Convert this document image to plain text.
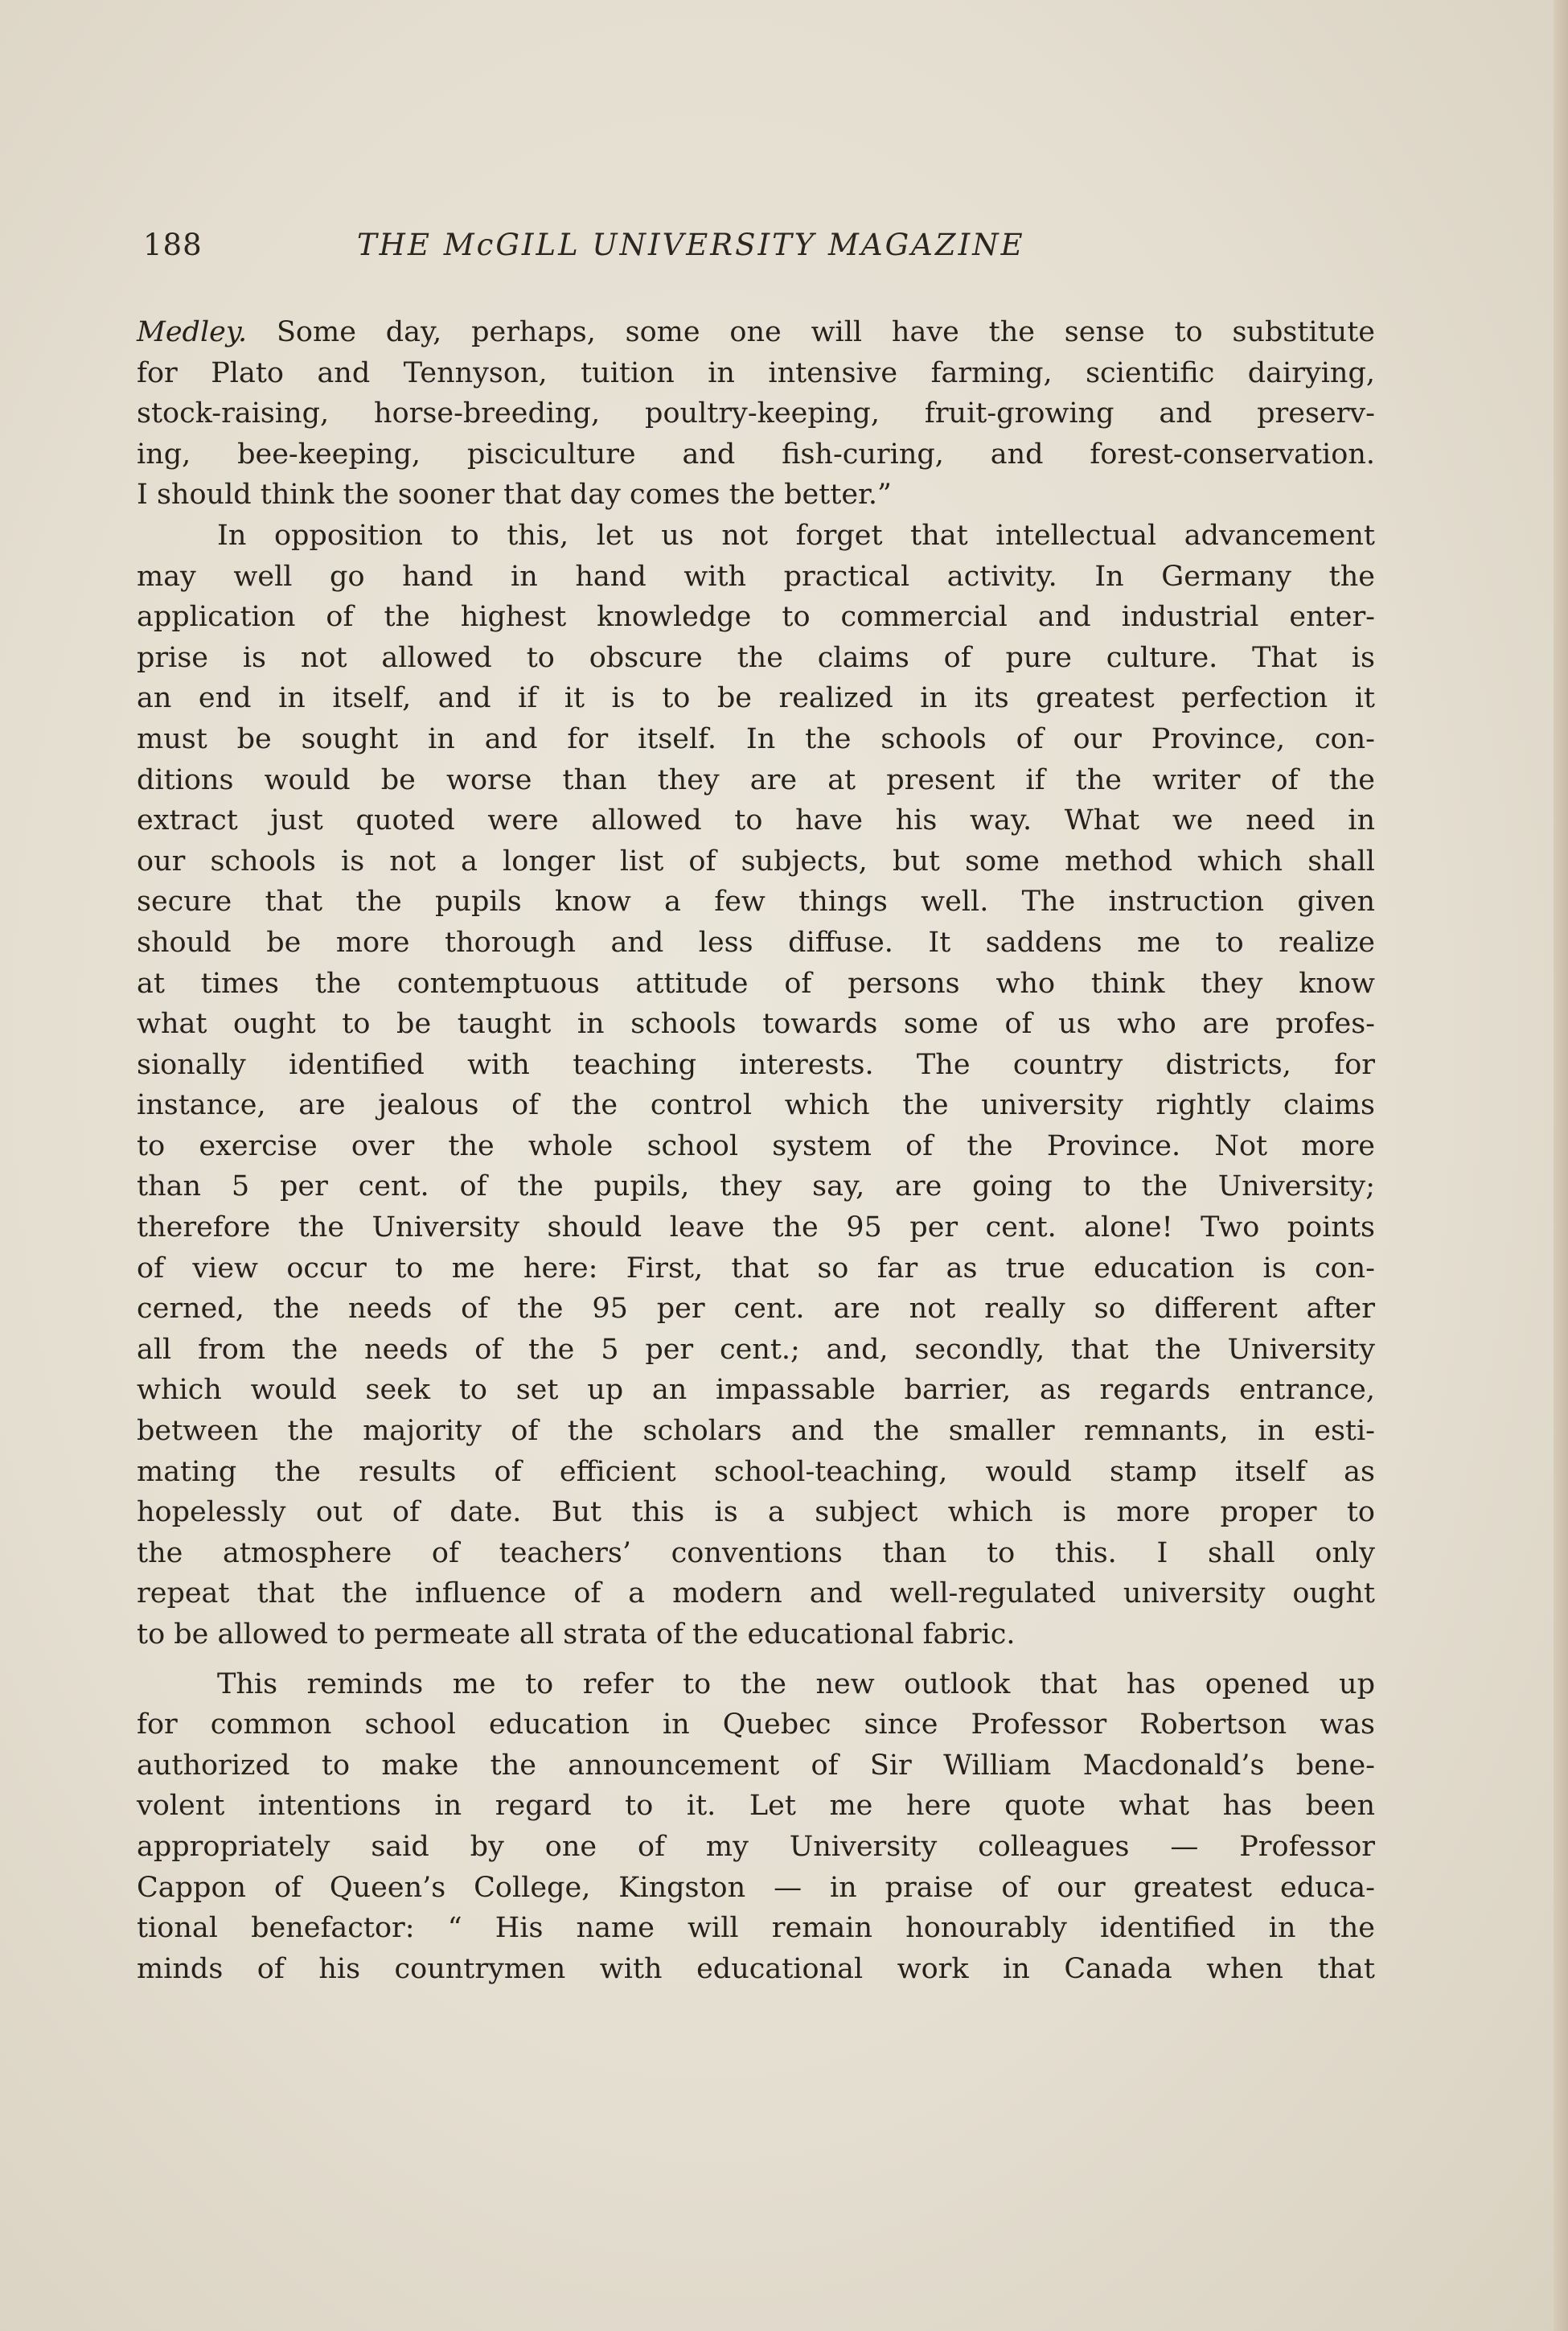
188	THE McGILL UNIVERSITY MAGAZINE
Medley. Some day, perhaps, some one will have the sense to substitute
for Plato and Tennyson, tuition in intensive farming, scientific dairying,
stock-raising, horse-breeding, poultry-keeping, fruit-growing and preserv-
ing, bee-keeping, pisciculture and fish-curing, and forest-conservation.
I should think the sooner that day comes the better.”
In opposition to this, let us not forget that intellectual advancement
may well go hand in hand with practical activity. In Germany the
application of the highest knowledge to commercial and industrial enter-
prise is not allowed to obscure the claims of pure culture. That is
an end in itself, and if it is to be realized in its greatest perfection it
must be sought in and for itself. In the schools of our Province, con-
ditions would be worse than they are at present if the writer of the
extract just quoted were allowed to have his way. What we need in
our schools is not a longer list of subjects, but some method which shall
secure that the pupils know a few things well. The instruction given
should be more thorough and less diffuse. It saddens me to realize
at times the contemptuous attitude of persons who think they know
what ought to be taught in schools towards some of us who are profes-
sionally identified with teaching interests. The country districts, for
instance, are jealous of the control which the university rightly claims
to exercise over the whole school system of the Province. Not more
than 5 per cent. of the pupils, they say, are going to the University;
therefore the University should leave the 95 per cent. alone! Two points
of view occur to me here: First, that so far as true education is con-
cerned, the needs of the 95 per cent. are not really so different after
all from the needs of the 5 per cent.; and, secondly, that the University
which would seek to set up an impassable barrier, as regards entrance,
between the majority of the scholars and the smaller remnants, in esti-
mating the results of efficient school-teaching, would stamp itself as
hopelessly out of date. But this is a subject which is more proper to
the atmosphere of teachers’ conventions than to this. I shall only
repeat that the influence of a modern and well-regulated university ought
to be allowed to permeate all strata of the educational fabric.
This reminds me to refer to the new outlook that has opened up
for common school education in Quebec since Professor Robertson was
authorized to make the announcement of Sir William Macdonald’s bene-
volent intentions in regard to it. Let me here quote what has been
appropriately said by one of my University colleagues — Professor
Cappon of Queen’s College, Kingston — in praise of our greatest educa-
tional benefactor: “ His name will remain honourably identified in the
minds of his countrymen with educational work in Canada when that
